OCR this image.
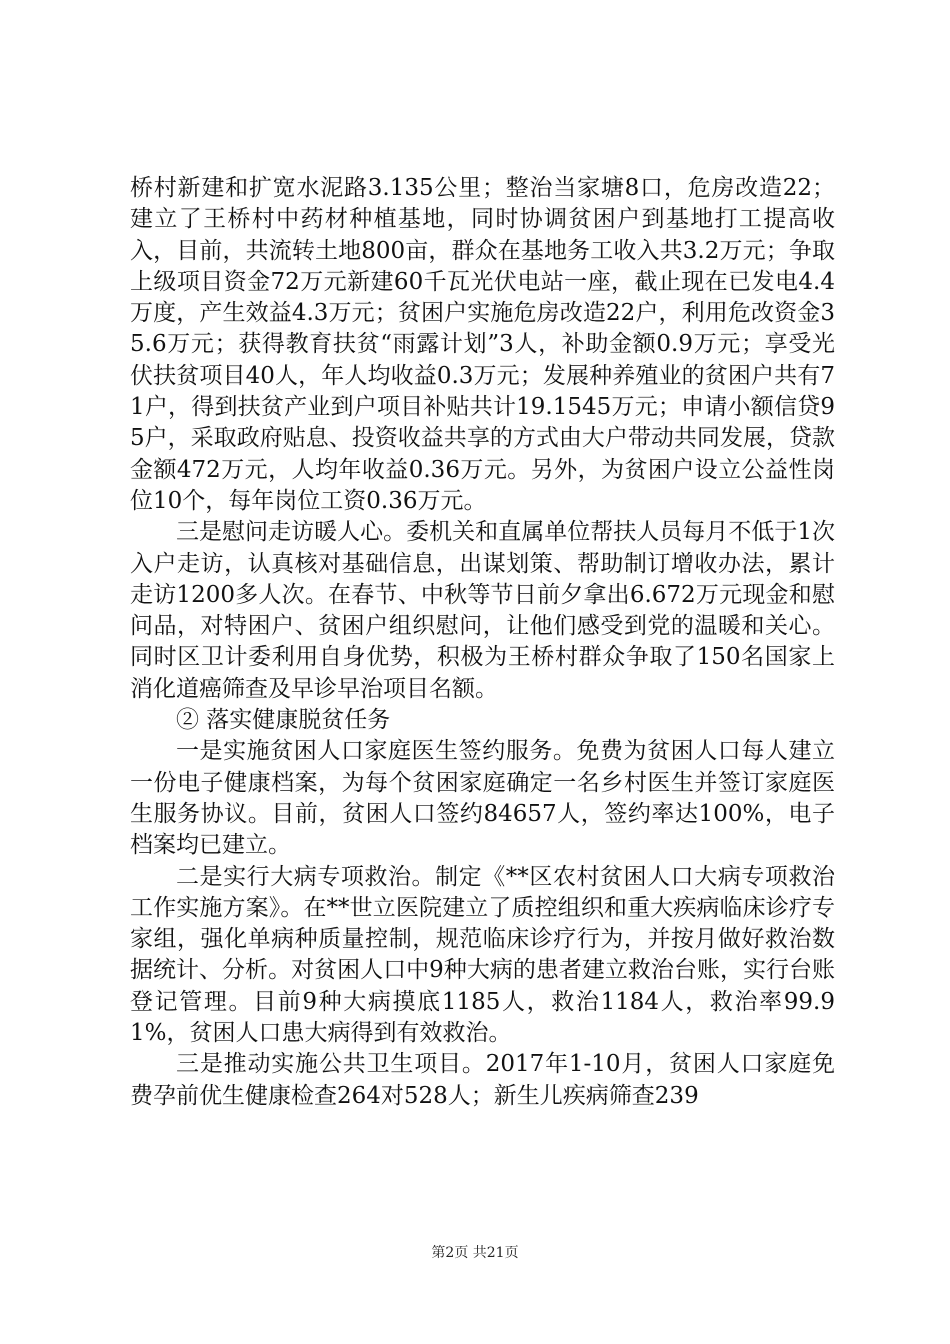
桥村新建和扩宽水泥路3.135公里；整治当家塘8口，危房改造22；建立了王桥村中药材种植基地，同时协调贫困户到基地打工提高收入，目前，共流转土地800亩，群众在基地务工收入共3.2万元；争取上级项目资金72万元新建60千瓦光伏电站一座，截止现在已发电4.4万度，产生效益4.3万元；贫困户实施危房改造22户，利用危改资金35.6万元；获得教育扶贫“雨露计划”3人，补助金额0.9万元；享受光伏扶贫项目40人，年人均收益0.3万元；发展种养殖业的贫困户共有71户，得到扶贫产业到户项目补贴共计19.1545万元；申请小额信贷95户，采取政府贴息、投资收益共享的方式由大户带动共同发展，贷款金额472万元，人均年收益0.36万元。另外，为贫困户设立公益性岗位10个，每年岗位工资0.36万元。

三是慰问走访暖人心。委机关和直属单位帮扶人员每月不低于1次入户走访，认真核对基础信息，出谋划策、帮助制订增收办法，累计走访1200多人次。在春节、中秋等节日前夕拿出6.672万元现金和慰问品，对特困户、贫困户组织慰问，让他们感受到党的温暖和关心。同时区卫计委利用自身优势，积极为王桥村群众争取了150名国家上消化道癌筛查及早诊早治项目名额。

② 落实健康脱贫任务

一是实施贫困人口家庭医生签约服务。免费为贫困人口每人建立一份电子健康档案，为每个贫困家庭确定一名乡村医生并签订家庭医生服务协议。目前，贫困人口签约84657人，签约率达100%，电子档案均已建立。

二是实行大病专项救治。制定《**区农村贫困人口大病专项救治工作实施方案》。在**世立医院建立了质控组织和重大疾病临床诊疗专家组，强化单病种质量控制，规范临床诊疗行为，并按月做好救治数据统计、分析。对贫困人口中9种大病的患者建立救治台账，实行台账登记管理。目前9种大病摸底1185人，救治1184人，救治率99.91%，贫困人口患大病得到有效救治。

三是推动实施公共卫生项目。2017年1-10月，贫困人口家庭免费孕前优生健康检查264对528人；新生儿疾病筛查239

第2页 共21页
